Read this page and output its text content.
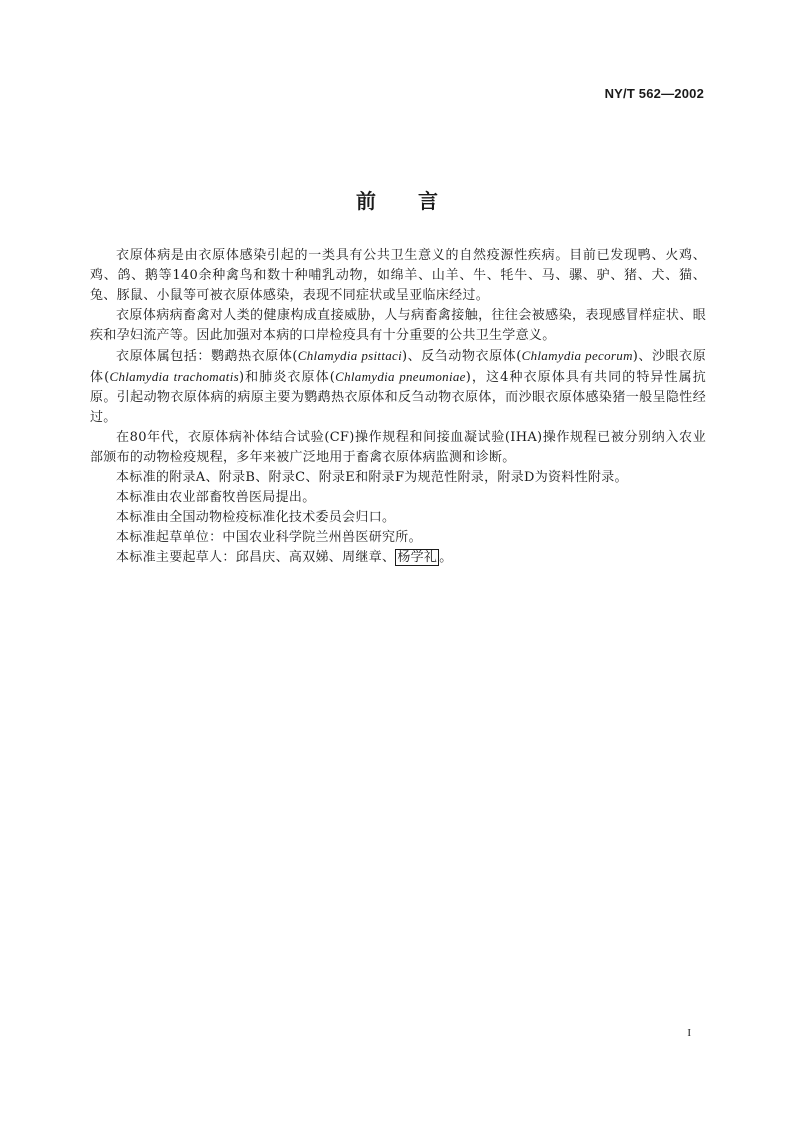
NY/T 562—2002
前言

衣原体病是由衣原体感染引起的一类具有公共卫生意义的自然疫源性疾病。目前已发现鸭、火鸡、鸡、鸽、鹅等140余种禽鸟和数十种哺乳动物，如绵羊、山羊、牛、牦牛、马、骡、驴、猪、犬、猫、兔、豚鼠、小鼠等可被衣原体感染，表现不同症状或呈亚临床经过。

衣原体病病畜禽对人类的健康构成直接威胁，人与病畜禽接触，往往会被感染，表现感冒样症状、眼疾和孕妇流产等。因此加强对本病的口岸检疫具有十分重要的公共卫生学意义。

衣原体属包括：鹦鹉热衣原体(Chlamydia psittaci)、反刍动物衣原体(Chlamydia pecorum)、沙眼衣原体(Chlamydia trachomatis)和肺炎衣原体(Chlamydia pneumoniae)，这4种衣原体具有共同的特异性属抗原。引起动物衣原体病的病原主要为鹦鹉热衣原体和反刍动物衣原体，而沙眼衣原体感染猪一般呈隐性经过。

在80年代，衣原体病补体结合试验(CF)操作规程和间接血凝试验(IHA)操作规程已被分别纳入农业部颁布的动物检疫规程，多年来被广泛地用于畜禽衣原体病监测和诊断。

本标准的附录A、附录B、附录C、附录E和附录F为规范性附录，附录D为资料性附录。

本标准由农业部畜牧兽医局提出。

本标准由全国动物检疫标准化技术委员会归口。

本标准起草单位：中国农业科学院兰州兽医研究所。

本标准主要起草人：邱昌庆、高双娣、周继章、 杨学礼 。

I
